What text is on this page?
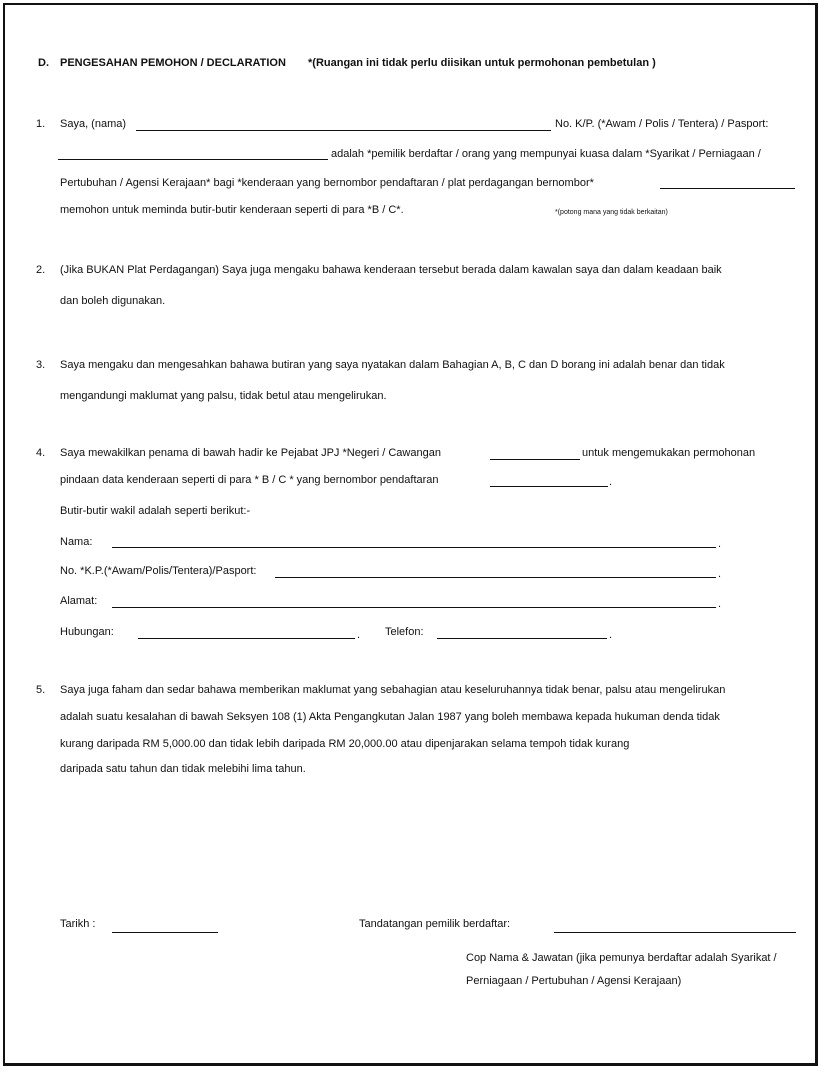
D. PENGESAHAN PEMOHON / DECLARATION *(Ruangan ini tidak perlu diisikan untuk permohonan pembetulan )
1. Saya, (nama)	No. K/P. (*Awam / Polis / Tentera) / Pasport:
adalah *pemilik berdaftar / orang yang mempunyai kuasa dalam *Syarikat / Perniagaan /
Pertubuhan / Agensi Kerajaan* bagi *kenderaan yang bernombor pendaftaran / plat perdagangan bernombor*
memohon untuk meminda butir-butir kenderaan seperti di para *B / C*.	*(potong mana yang tidak berkaitan)
2. (Jika BUKAN Plat Perdagangan) Saya juga mengaku bahawa kenderaan tersebut berada dalam kawalan saya dan dalam keadaan baik
dan boleh digunakan.
3. Saya mengaku dan mengesahkan bahawa butiran yang saya nyatakan dalam Bahagian A, B, C dan D borang ini adalah benar dan tidak
mengandungi maklumat yang palsu, tidak betul atau mengelirukan.
4. Saya mewakilkan penama di bawah hadir ke Pejabat JPJ *Negeri / Cawangan	untuk mengemukakan permohonan
pindaan data kenderaan seperti di para * B / C * yang bernombor pendaftaran	.
Butir-butir wakil adalah seperti berikut:-
Nama:	.
No. *K.P.(*Awam/Polis/Tentera)/Pasport:	.
Alamat:	.
Hubungan:	. Telefon:	.
5. Saya juga faham dan sedar bahawa memberikan maklumat yang sebahagian atau keseluruhannya tidak benar, palsu atau mengelirukan
adalah suatu kesalahan di bawah Seksyen 108 (1) Akta Pengangkutan Jalan 1987 yang boleh membawa kepada hukuman denda tidak
kurang daripada RM 5,000.00 dan tidak lebih daripada RM 20,000.00 atau dipenjarakan selama tempoh tidak kurang
daripada satu tahun dan tidak melebihi lima tahun.
Tarikh :	Tandatangan pemilik berdaftar:
Cop Nama & Jawatan (jika pemunya berdaftar adalah Syarikat /
Perniagaan / Pertubuhan / Agensi Kerajaan)
